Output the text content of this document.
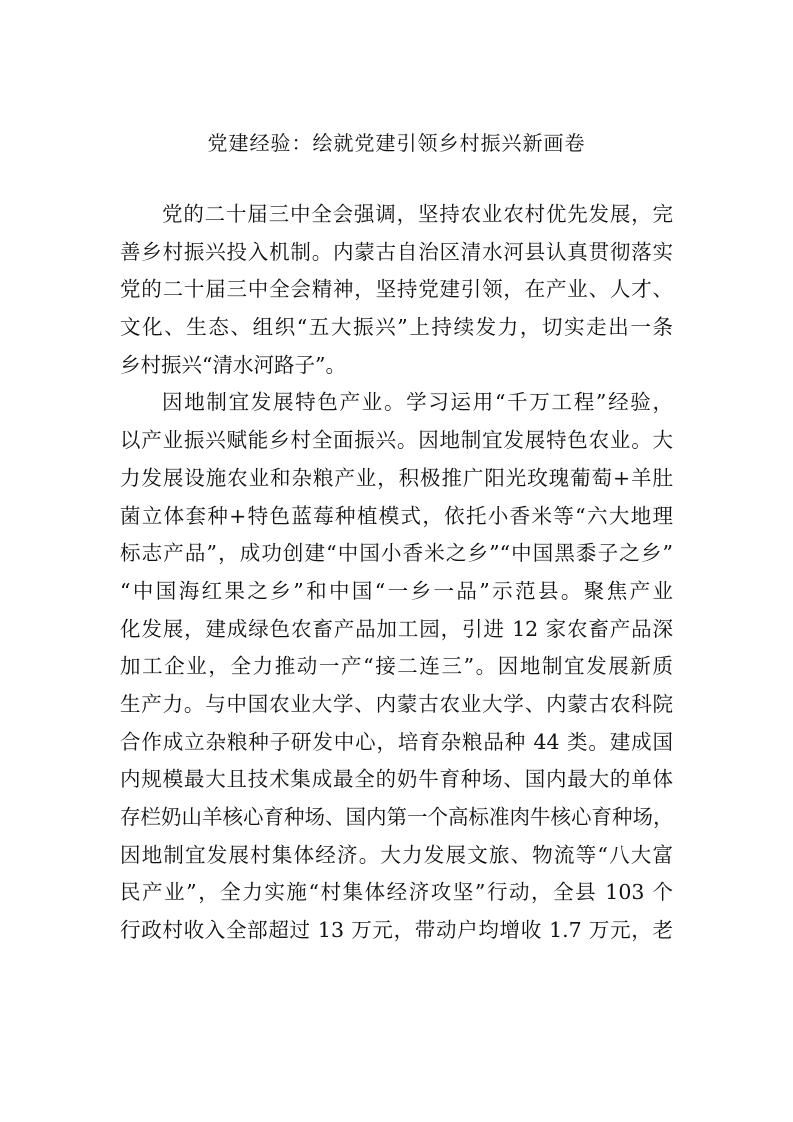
党建经验：绘就党建引领乡村振兴新画卷
党的二十届三中全会强调，坚持农业农村优先发展，完
善乡村振兴投入机制。内蒙古自治区清水河县认真贯彻落实
党的二十届三中全会精神，坚持党建引领，在产业、人才、
文化、生态、组织“五大振兴”上持续发力，切实走出一条
乡村振兴“清水河路子”。
因地制宜发展特色产业。学习运用“千万工程”经验，
以产业振兴赋能乡村全面振兴。因地制宜发展特色农业。大
力发展设施农业和杂粮产业，积极推广阳光玫瑰葡萄+羊肚
菌立体套种+特色蓝莓种植模式，依托小香米等“六大地理
标志产品”，成功创建“中国小香米之乡”“中国黑黍子之乡”
“中国海红果之乡”和中国“一乡一品”示范县。聚焦产业
化发展，建成绿色农畜产品加工园，引进 12 家农畜产品深
加工企业，全力推动一产“接二连三”。因地制宜发展新质
生产力。与中国农业大学、内蒙古农业大学、内蒙古农科院
合作成立杂粮种子研发中心，培育杂粮品种 44 类。建成国
内规模最大且技术集成最全的奶牛育种场、国内最大的单体
存栏奶山羊核心育种场、国内第一个高标准肉牛核心育种场，
因地制宜发展村集体经济。大力发展文旅、物流等“八大富
民产业”，全力实施“村集体经济攻坚”行动，全县 103 个
行政村收入全部超过 13 万元，带动户均增收 1.7 万元，老
